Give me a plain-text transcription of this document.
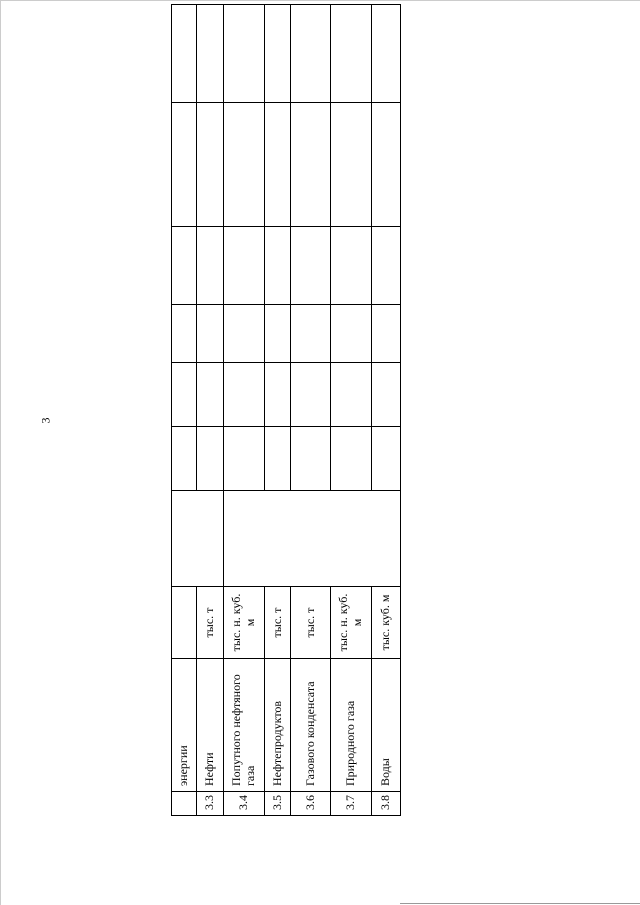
3
	энергии								
3.3	Нефти	тыс. т							
3.4	Попутного нефтяного газа	тыс. н. куб. м							
3.5	Нефтепродуктов	тыс. т							
3.6	Газового конденсата	тыс. т							
3.7	Природного газа	тыс. н. куб. м							
3.8	Воды	тыс. куб. м							
